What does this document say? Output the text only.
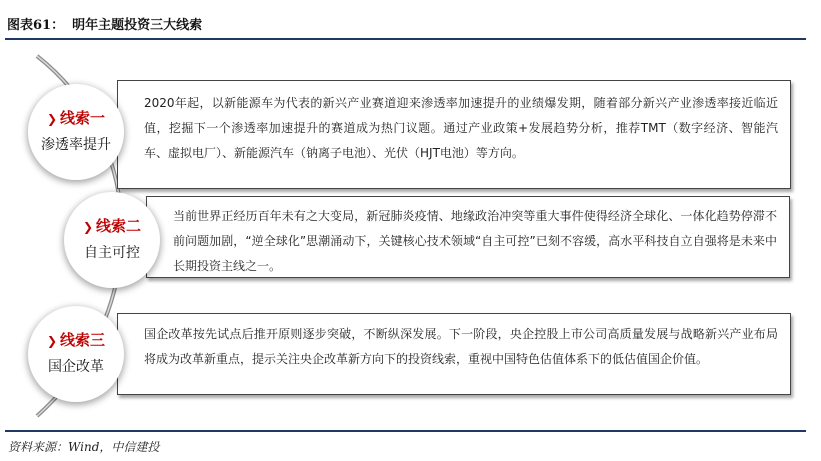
图表61： 明年主题投资三大线索
2020年起，以新能源车为代表的新兴产业赛道迎来渗透率加速提升的业绩爆发期，随着部分新兴产业渗透率接近临近值，挖掘下一个渗透率加速提升的赛道成为热门议题。通过产业政策+发展趋势分析，推荐TMT（数字经济、智能汽车、虚拟电厂）、新能源汽车（钠离子电池）、光伏（HJT电池）等方向。
当前世界正经历百年未有之大变局，新冠肺炎疫情、地缘政治冲突等重大事件使得经济全球化、一体化趋势停滞不前问题加剧，“逆全球化”思潮涌动下，关键核心技术领域“自主可控”已刻不容缓，高水平科技自立自强将是未来中长期投资主线之一。
国企改革按先试点后推开原则逐步突破，不断纵深发展。下一阶段，央企控股上市公司高质量发展与战略新兴产业布局将成为改革新重点，提示关注央企改革新方向下的投资线索，重视中国特色估值体系下的低估值国企价值。
❯ 线索一
渗透率提升
❯ 线索二
自主可控
❯ 线索三
国企改革
资料来源：Wind，中信建投
